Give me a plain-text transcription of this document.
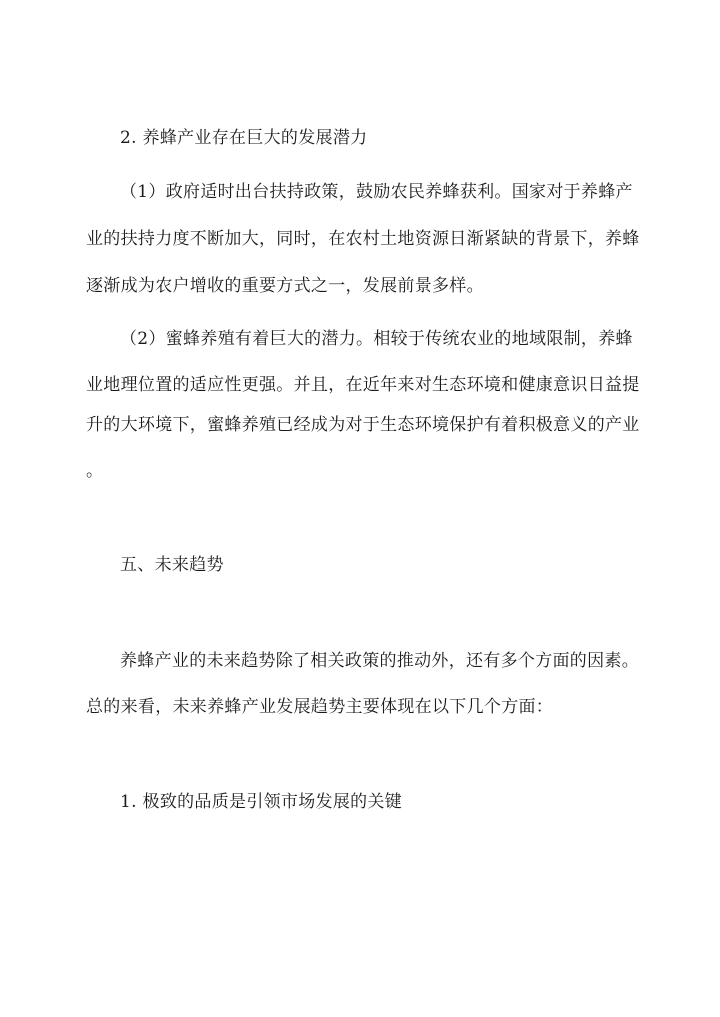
2. 养蜂产业存在巨大的发展潜力
（1）政府适时出台扶持政策，鼓励农民养蜂获利。国家对于养蜂产
业的扶持力度不断加大，同时，在农村土地资源日渐紧缺的背景下，养蜂
逐渐成为农户增收的重要方式之一，发展前景多样。
（2）蜜蜂养殖有着巨大的潜力。相较于传统农业的地域限制，养蜂
业地理位置的适应性更强。并且，在近年来对生态环境和健康意识日益提
升的大环境下，蜜蜂养殖已经成为对于生态环境保护有着积极意义的产业
。
五、未来趋势
养蜂产业的未来趋势除了相关政策的推动外，还有多个方面的因素。
总的来看，未来养蜂产业发展趋势主要体现在以下几个方面：
1. 极致的品质是引领市场发展的关键
